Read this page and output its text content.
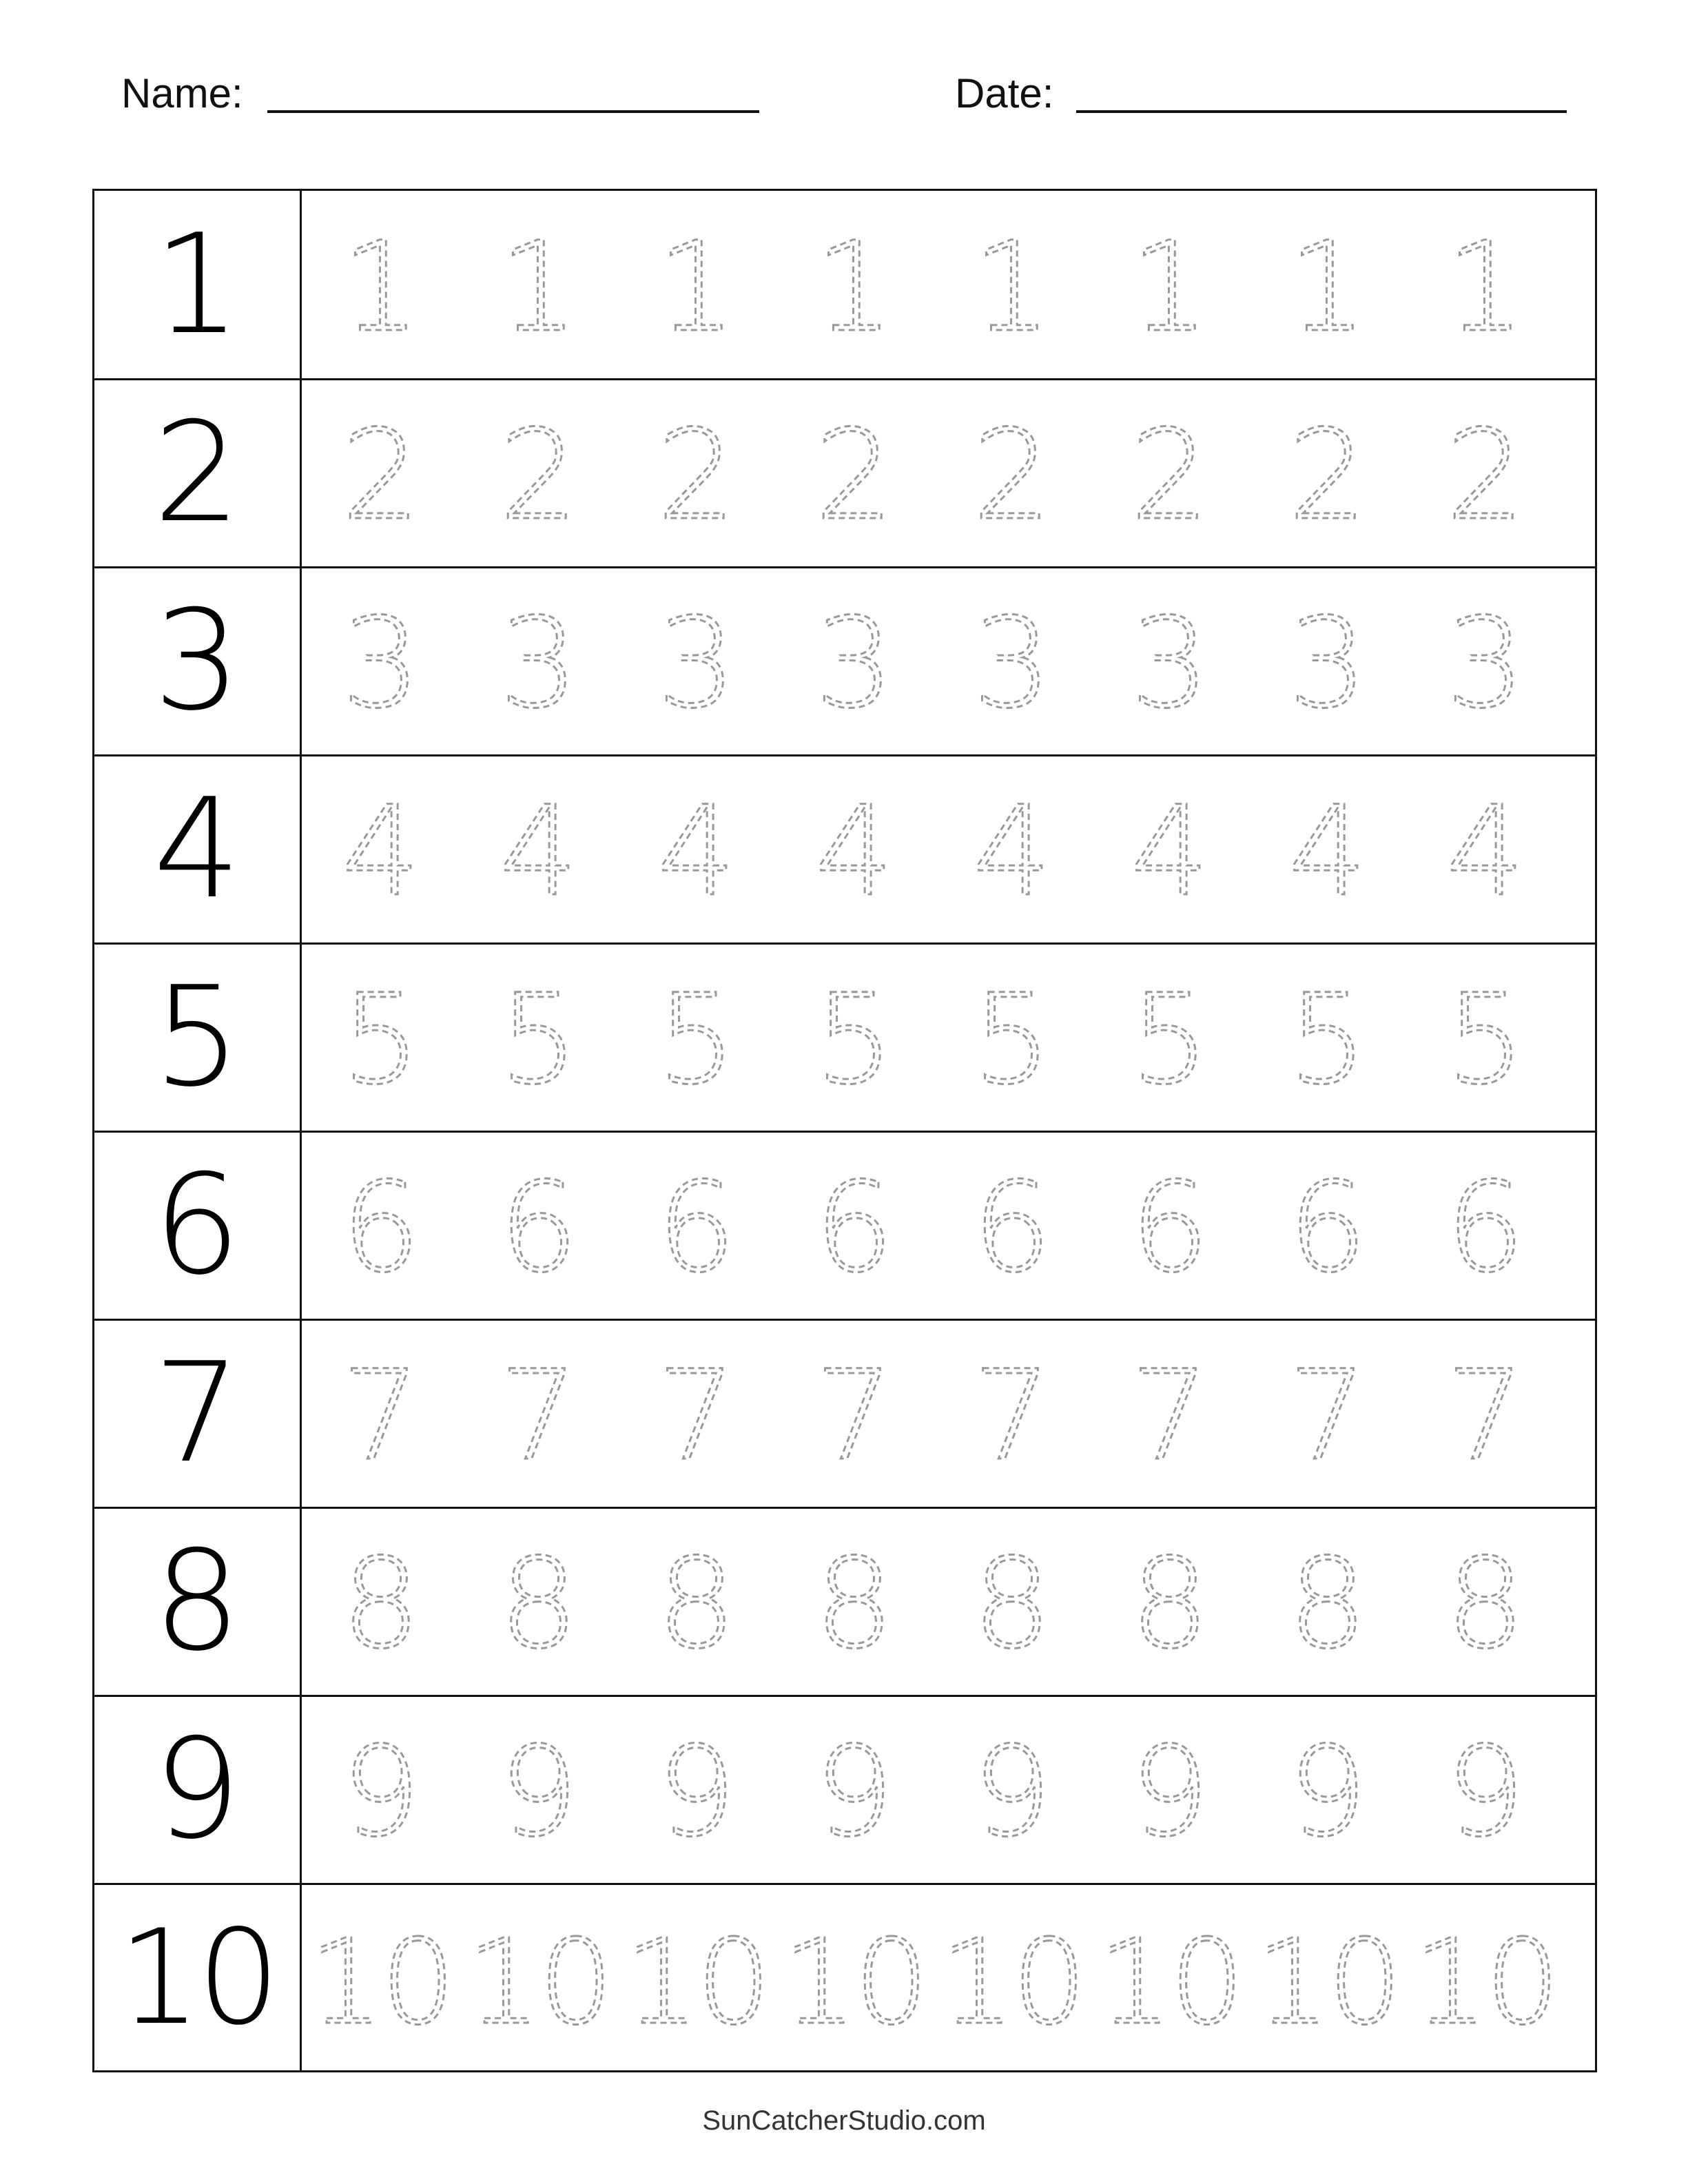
Name:	Date:
1 1 1 1 1 1 1 1 1
2 2 2 2 2 2 2 2 2
3 3 3 3 3 3 3 3 3
4 4 4 4 4 4 4 4 4
5 5 5 5 5 5 5 5 5
6 6 6 6 6 6 6 6 6
7 7 7 7 7 7 7 7 7
8 8 8 8 8 8 8 8 8
9 9 9 9 9 9 9 9 9
10 10 10 10 10 10 10 10 10
SunCatcherStudio.com
